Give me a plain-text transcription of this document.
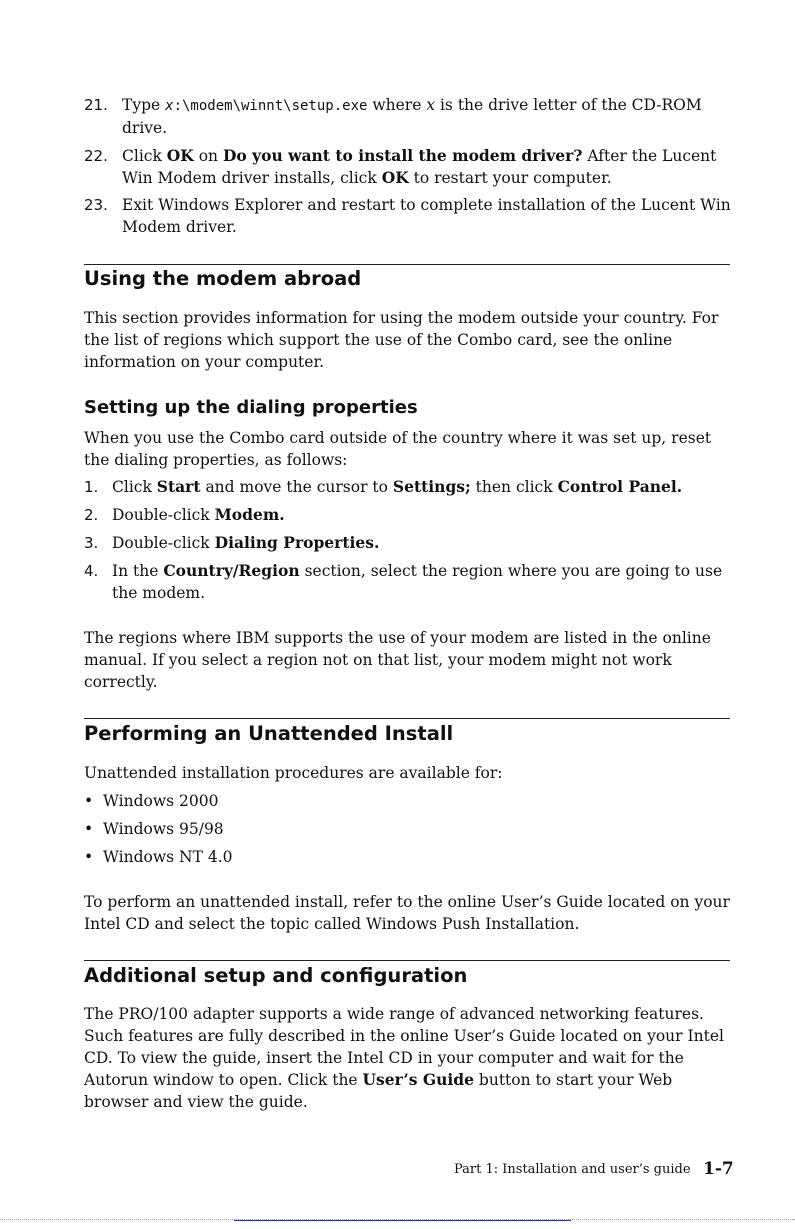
21. Type x:\modem\winnt\setup.exe where x is the drive letter of the CD-ROM drive.
22. Click OK on Do you want to install the modem driver? After the Lucent Win Modem driver installs, click OK to restart your computer.
23. Exit Windows Explorer and restart to complete installation of the Lucent Win Modem driver.
Using the modem abroad

This section provides information for using the modem outside your country. For the list of regions which support the use of the Combo card, see the online information on your computer.

Setting up the dialing properties

When you use the Combo card outside of the country where it was set up, reset the dialing properties, as follows:

1. Click Start and move the cursor to Settings; then click Control Panel.
2. Double-click Modem.
3. Double-click Dialing Properties.
4. In the Country/Region section, select the region where you are going to use the modem.

The regions where IBM supports the use of your modem are listed in the online manual. If you select a region not on that list, your modem might not work correctly.

Performing an Unattended Install

Unattended installation procedures are available for:

• Windows 2000
• Windows 95/98
• Windows NT 4.0

To perform an unattended install, refer to the online User’s Guide located on your Intel CD and select the topic called Windows Push Installation.

Additional setup and configuration
The PRO/100 adapter supports a wide range of advanced networking features. Such features are fully described in the online User’s Guide located on your Intel CD. To view the guide, insert the Intel CD in your computer and wait for the Autorun window to open. Click the User’s Guide button to start your Web browser and view the guide.
Part 1: Installation and user’s guide 1-7
